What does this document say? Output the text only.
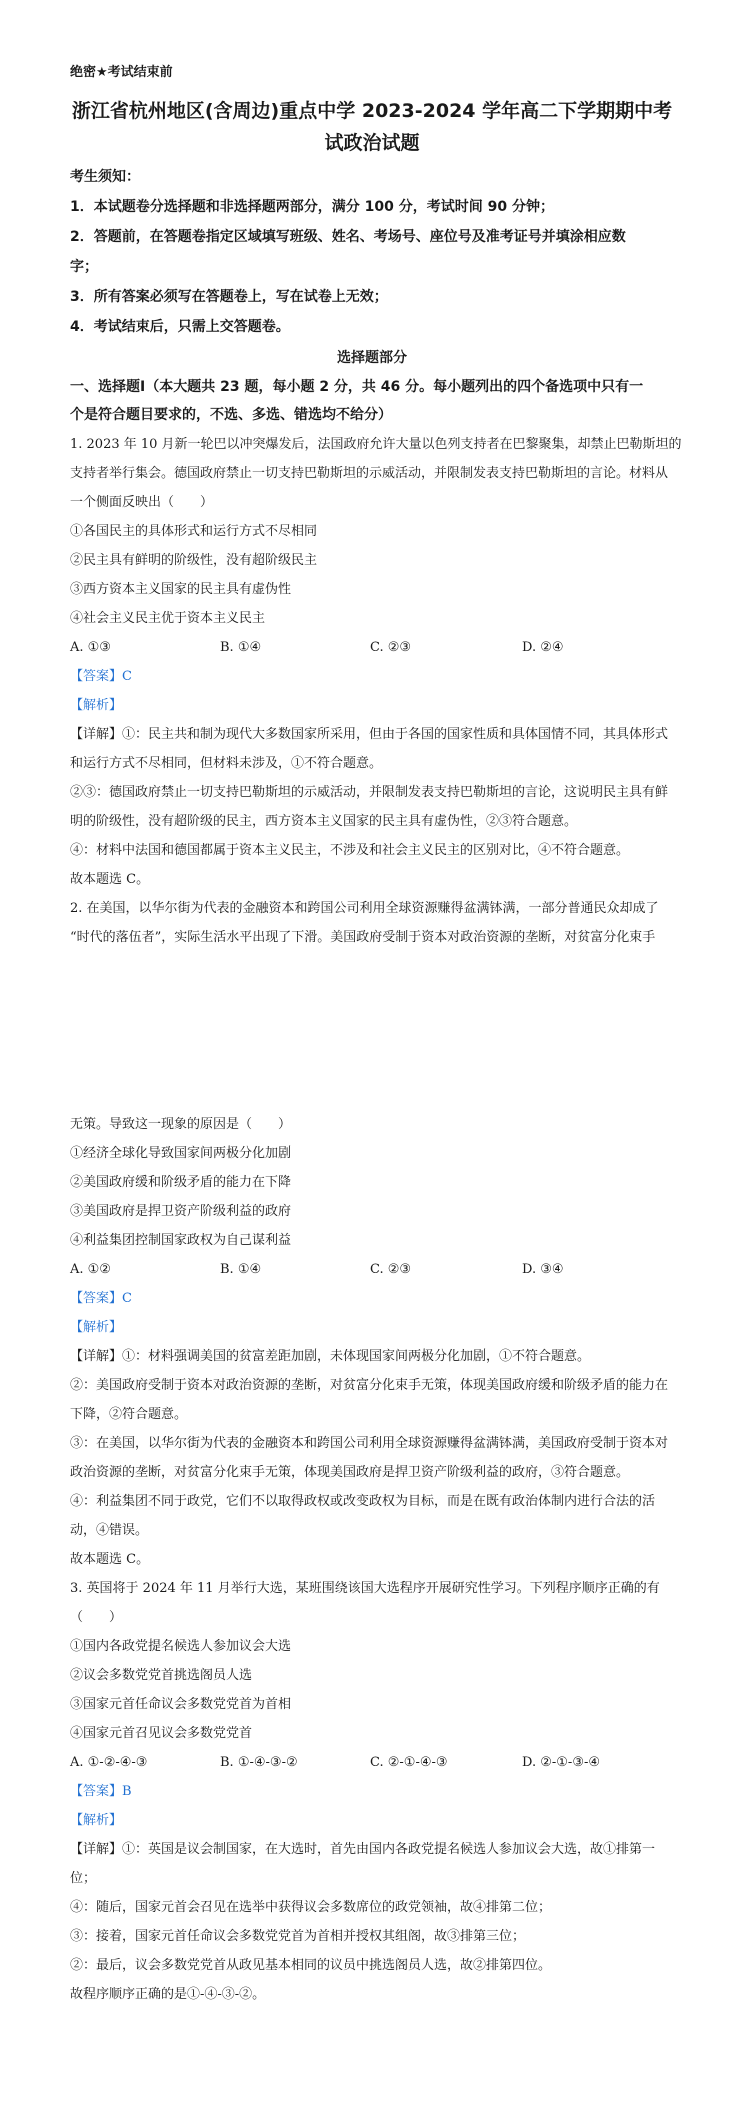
绝密★考试结束前
浙江省杭州地区(含周边)重点中学 2023-2024 学年高二下学期期中考
试政治试题
考生须知：
1．本试题卷分选择题和非选择题两部分，满分 100 分，考试时间 90 分钟；
2．答题前，在答题卷指定区域填写班级、姓名、考场号、座位号及准考证号并填涂相应数
字；
3．所有答案必须写在答题卷上，写在试卷上无效；
4．考试结束后，只需上交答题卷。
选择题部分
一、选择题Ⅰ（本大题共 23 题，每小题 2 分，共 46 分。每小题列出的四个备选项中只有一
个是符合题目要求的，不选、多选、错选均不给分）
1. 2023 年 10 月新一轮巴以冲突爆发后，法国政府允许大量以色列支持者在巴黎聚集，却禁止巴勒斯坦的
支持者举行集会。德国政府禁止一切支持巴勒斯坦的示威活动，并限制发表支持巴勒斯坦的言论。材料从
一个侧面反映出（　　）
①各国民主的具体形式和运行方式不尽相同
②民主具有鲜明的阶级性，没有超阶级民主
③西方资本主义国家的民主具有虚伪性
④社会主义民主优于资本主义民主
A. ①③	B. ①④	C. ②③	D. ②④
【答案】C
【解析】
【详解】①：民主共和制为现代大多数国家所采用，但由于各国的国家性质和具体国情不同，其具体形式
和运行方式不尽相同，但材料未涉及，①不符合题意。
②③：德国政府禁止一切支持巴勒斯坦的示威活动，并限制发表支持巴勒斯坦的言论，这说明民主具有鲜
明的阶级性，没有超阶级的民主，西方资本主义国家的民主具有虚伪性，②③符合题意。
④：材料中法国和德国都属于资本主义民主，不涉及和社会主义民主的区别对比，④不符合题意。
故本题选 C。
2. 在美国，以华尔街为代表的金融资本和跨国公司利用全球资源赚得盆满钵满，一部分普通民众却成了
“时代的落伍者”，实际生活水平出现了下滑。美国政府受制于资本对政治资源的垄断，对贫富分化束手
无策。导致这一现象的原因是（　　）
①经济全球化导致国家间两极分化加剧
②美国政府缓和阶级矛盾的能力在下降
③美国政府是捍卫资产阶级利益的政府
④利益集团控制国家政权为自己谋利益
A. ①②	B. ①④	C. ②③	D. ③④
【答案】C
【解析】
【详解】①：材料强调美国的贫富差距加剧，未体现国家间两极分化加剧，①不符合题意。
②：美国政府受制于资本对政治资源的垄断，对贫富分化束手无策，体现美国政府缓和阶级矛盾的能力在
下降，②符合题意。
③：在美国，以华尔街为代表的金融资本和跨国公司利用全球资源赚得盆满钵满，美国政府受制于资本对
政治资源的垄断，对贫富分化束手无策，体现美国政府是捍卫资产阶级利益的政府，③符合题意。
④：利益集团不同于政党，它们不以取得政权或改变政权为目标，而是在既有政治体制内进行合法的活
动，④错误。
故本题选 C。
3. 英国将于 2024 年 11 月举行大选，某班围绕该国大选程序开展研究性学习。下列程序顺序正确的有
（　　）
①国内各政党提名候选人参加议会大选
②议会多数党党首挑选阁员人选
③国家元首任命议会多数党党首为首相
④国家元首召见议会多数党党首
A. ①-②-④-③	B. ①-④-③-②	C. ②-①-④-③	D. ②-①-③-④
【答案】B
【解析】
【详解】①：英国是议会制国家，在大选时，首先由国内各政党提名候选人参加议会大选，故①排第一
位；
④：随后，国家元首会召见在选举中获得议会多数席位的政党领袖，故④排第二位；
③：接着，国家元首任命议会多数党党首为首相并授权其组阁，故③排第三位；
②：最后，议会多数党党首从政见基本相同的议员中挑选阁员人选，故②排第四位。
故程序顺序正确的是①-④-③-②。
